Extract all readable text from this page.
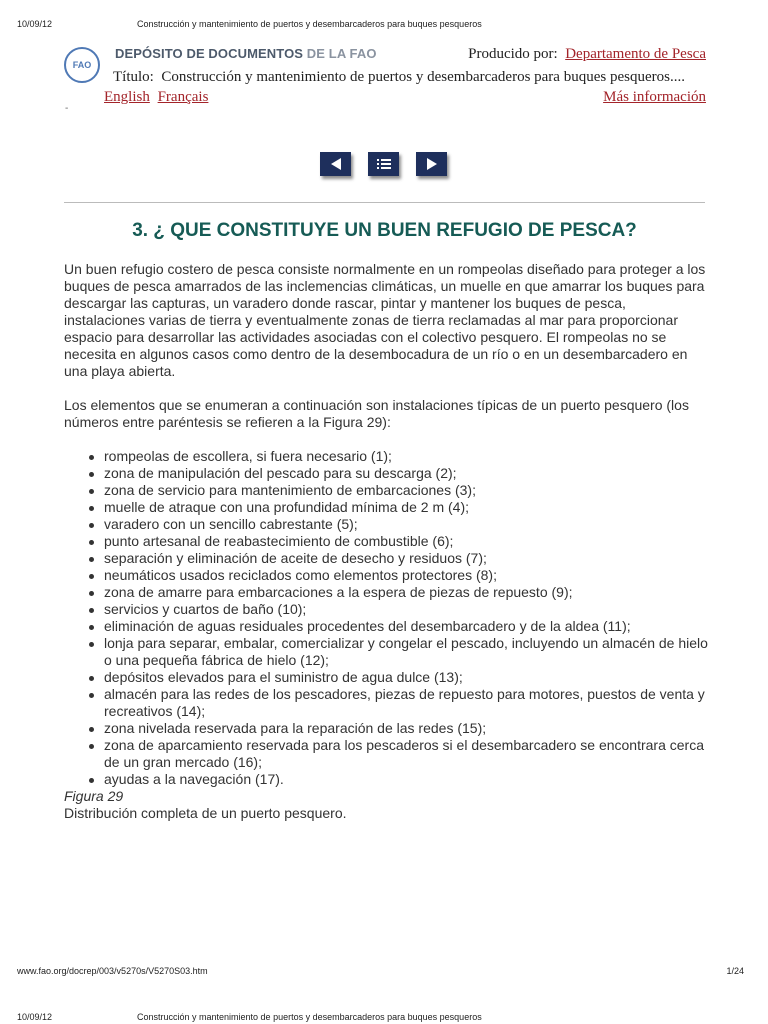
10/09/12	Construcción y mantenimiento de puertos y desembarcaderos para buques pesqueros
FAO
DEPÓSITO DE DOCUMENTOS DE LA FAO	Producido por: Departamento de Pesca
Título: Construcción y mantenimiento de puertos y desembarcaderos para buques pesqueros....
English Français	Más información
-
3. ¿ QUE CONSTITUYE UN BUEN REFUGIO DE PESCA?

Un buen refugio costero de pesca consiste normalmente en un rompeolas diseñado para proteger a los buques de pesca amarrados de las inclemencias climáticas, un muelle en que amarrar los buques para descargar las capturas, un varadero donde rascar, pintar y mantener los buques de pesca, instalaciones varias de tierra y eventualmente zonas de tierra reclamadas al mar para proporcionar espacio para desarrollar las actividades asociadas con el colectivo pesquero. El rompeolas no se necesita en algunos casos como dentro de la desembocadura de un río o en un desembarcadero en una playa abierta.

Los elementos que se enumeran a continuación son instalaciones típicas de un puerto pesquero (los números entre paréntesis se refieren a la Figura 29):

rompeolas de escollera, si fuera necesario (1);
zona de manipulación del pescado para su descarga (2);
zona de servicio para mantenimiento de embarcaciones (3);
muelle de atraque con una profundidad mínima de 2 m (4);
varadero con un sencillo cabrestante (5);
punto artesanal de reabastecimiento de combustible (6);
separación y eliminación de aceite de desecho y residuos (7);
neumáticos usados reciclados como elementos protectores (8);
zona de amarre para embarcaciones a la espera de piezas de repuesto (9);
servicios y cuartos de baño (10);
eliminación de aguas residuales procedentes del desembarcadero y de la aldea (11);
lonja para separar, embalar, comercializar y congelar el pescado, incluyendo un almacén de hielo o una pequeña fábrica de hielo (12);
depósitos elevados para el suministro de agua dulce (13);
almacén para las redes de los pescadores, piezas de repuesto para motores, puestos de venta y recreativos (14);
zona nivelada reservada para la reparación de las redes (15);
zona de aparcamiento reservada para los pescaderos si el desembarcadero se encontrara cerca de un gran mercado (16);
ayudas a la navegación (17).

Figura 29

Distribución completa de un puerto pesquero.

www.fao.org/docrep/003/v5270s/V5270S03.htm	1/24
10/09/12	Construcción y mantenimiento de puertos y desembarcaderos para buques pesqueros
